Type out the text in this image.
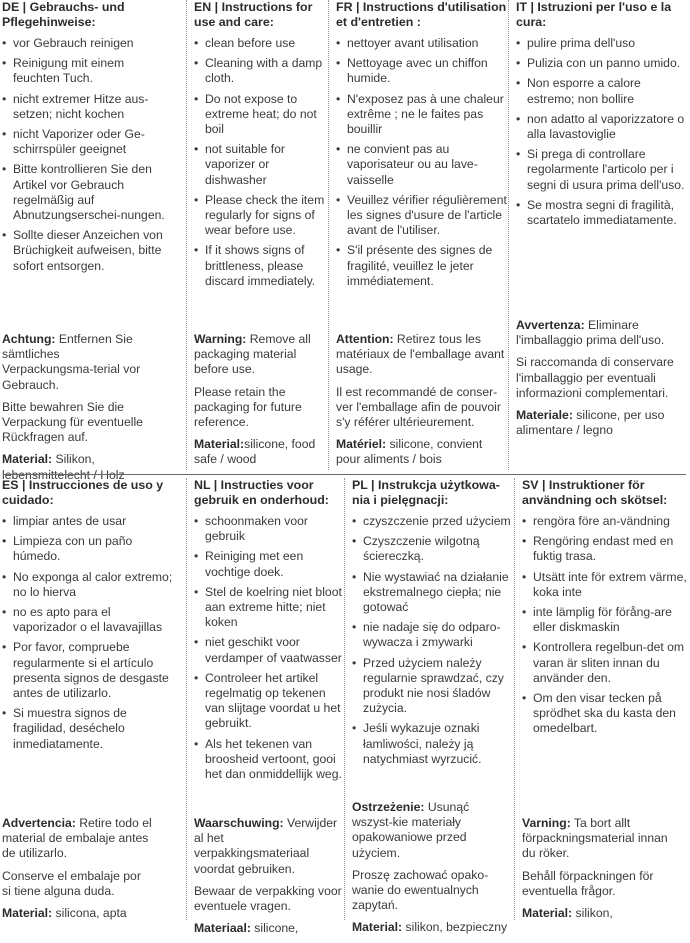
DE | Gebrauchs- und Pflegehinweise:
• vor Gebrauch reinigen
• Reinigung mit einem feuchten Tuch.
• nicht extremer Hitze aus-setzen; nicht kochen
• nicht Vaporizer oder Ge-schirrspüler geeignet
• Bitte kontrollieren Sie den Artikel vor Gebrauch regelmäßig auf Abnutzungserschei-nungen.
• Sollte dieser Anzeichen von Brüchigkeit aufweisen, bitte sofort entsorgen.

Achtung: Entfernen Sie sämtliches Verpackungsma-terial vor Gebrauch.

Bitte bewahren Sie die Verpackung für eventuelle Rückfragen auf.

Material: Silikon, lebensmittelecht / Holz

EN | Instructions for use and care:
• clean before use
• Cleaning with a damp cloth.
• Do not expose to extreme heat; do not boil
• not suitable for vaporizer or dishwasher
• Please check the item regularly for signs of wear before use.
• If it shows signs of brittleness, please discard immediately.

Warning: Remove all packaging material before use.

Please retain the packaging for future reference.

Material:silicone, food safe / wood

FR | Instructions d'utilisation et d'entretien :
• nettoyer avant utilisation
• Nettoyage avec un chiffon humide.
• N'exposez pas à une chaleur extrême ; ne le faites pas bouillir
• ne convient pas au vaporisateur ou au lave-vaisselle
• Veuillez vérifier régulièrement les signes d'usure de l'article avant de l'utiliser.
• S'il présente des signes de fragilité, veuillez le jeter immédiatement.

Attention: Retirez tous les matériaux de l'emballage avant usage.

Il est recommandé de conser-ver l'emballage afin de pouvoir s'y référer ultérieurement.

Matériel: silicone, convient pour aliments / bois

IT | Istruzioni per l'uso e la cura:
• pulire prima dell'uso
• Pulizia con un panno umido.
• Non esporre a calore estremo; non bollire
• non adatto al vaporizzatore o alla lavastoviglie
• Si prega di controllare regolarmente l'articolo per i segni di usura prima dell'uso.
• Se mostra segni di fragilità, scartatelo immediatamente.

Avvertenza: Eliminare l'imballaggio prima dell'uso.

Si raccomanda di conservare l'imballaggio per eventuali informazioni complementari.

Materiale: silicone, per uso alimentare / legno

ES | Instrucciones de uso y cuidado:
• limpiar antes de usar
• Limpieza con un paño húmedo.
• No exponga al calor extremo; no lo hierva
• no es apto para el vaporizador o el lavavajillas
• Por favor, compruebe regularmente si el artículo presenta signos de desgaste antes de utilizarlo.
• Si muestra signos de fragilidad, deséchelo inmediatamente.

Advertencia: Retire todo el material de embalaje antes de utilizarlo.

Conserve el embalaje por si tiene alguna duda.

Material: silicona, apta

NL | Instructies voor gebruik en onderhoud:
• schoonmaken voor gebruik
• Reiniging met een vochtige doek.
• Stel de koelring niet bloot aan extreme hitte; niet koken
• niet geschikt voor verdamper of vaatwasser
• Controleer het artikel regelmatig op tekenen van slijtage voordat u het gebruikt.
• Als het tekenen van broosheid vertoont, gooi het dan onmiddellijk weg.

Waarschuwing: Verwijder al het verpakkingsmateriaal voordat gebruiken.

Bewaar de verpakking voor eventuele vragen.

Materiaal: silicone,

PL | Instrukcja użytkowa-nia i pielęgnacji:
• czyszczenie przed użyciem
• Czyszczenie wilgotną ściereczką.
• Nie wystawiać na działanie ekstremalnego ciepła; nie gotować
• nie nadaje się do odparo-wywacza i zmywarki
• Przed użyciem należy regularnie sprawdzać, czy produkt nie nosi śladów zużycia.
• Jeśli wykazuje oznaki łamliwości, należy ją natychmiast wyrzucić.

Ostrzeżenie: Usunąć wszyst-kie materiały opakowaniowe przed użyciem.

Proszę zachować opako-wanie do ewentualnych zapytań.

Material: silikon, bezpieczny

SV | Instruktioner för användning och skötsel:
• rengöra före an-vändning
• Rengöring endast med en fuktig trasa.
• Utsätt inte för extrem värme, koka inte
• inte lämplig för förång-are eller diskmaskin
• Kontrollera regelbun-det om varan är sliten innan du använder den.
• Om den visar tecken på sprödhet ska du kasta den omedelbart.

Varning: Ta bort allt förpackningsmaterial innan du röker.

Behåll förpackningen för eventuella frågor.

Material: silikon,
